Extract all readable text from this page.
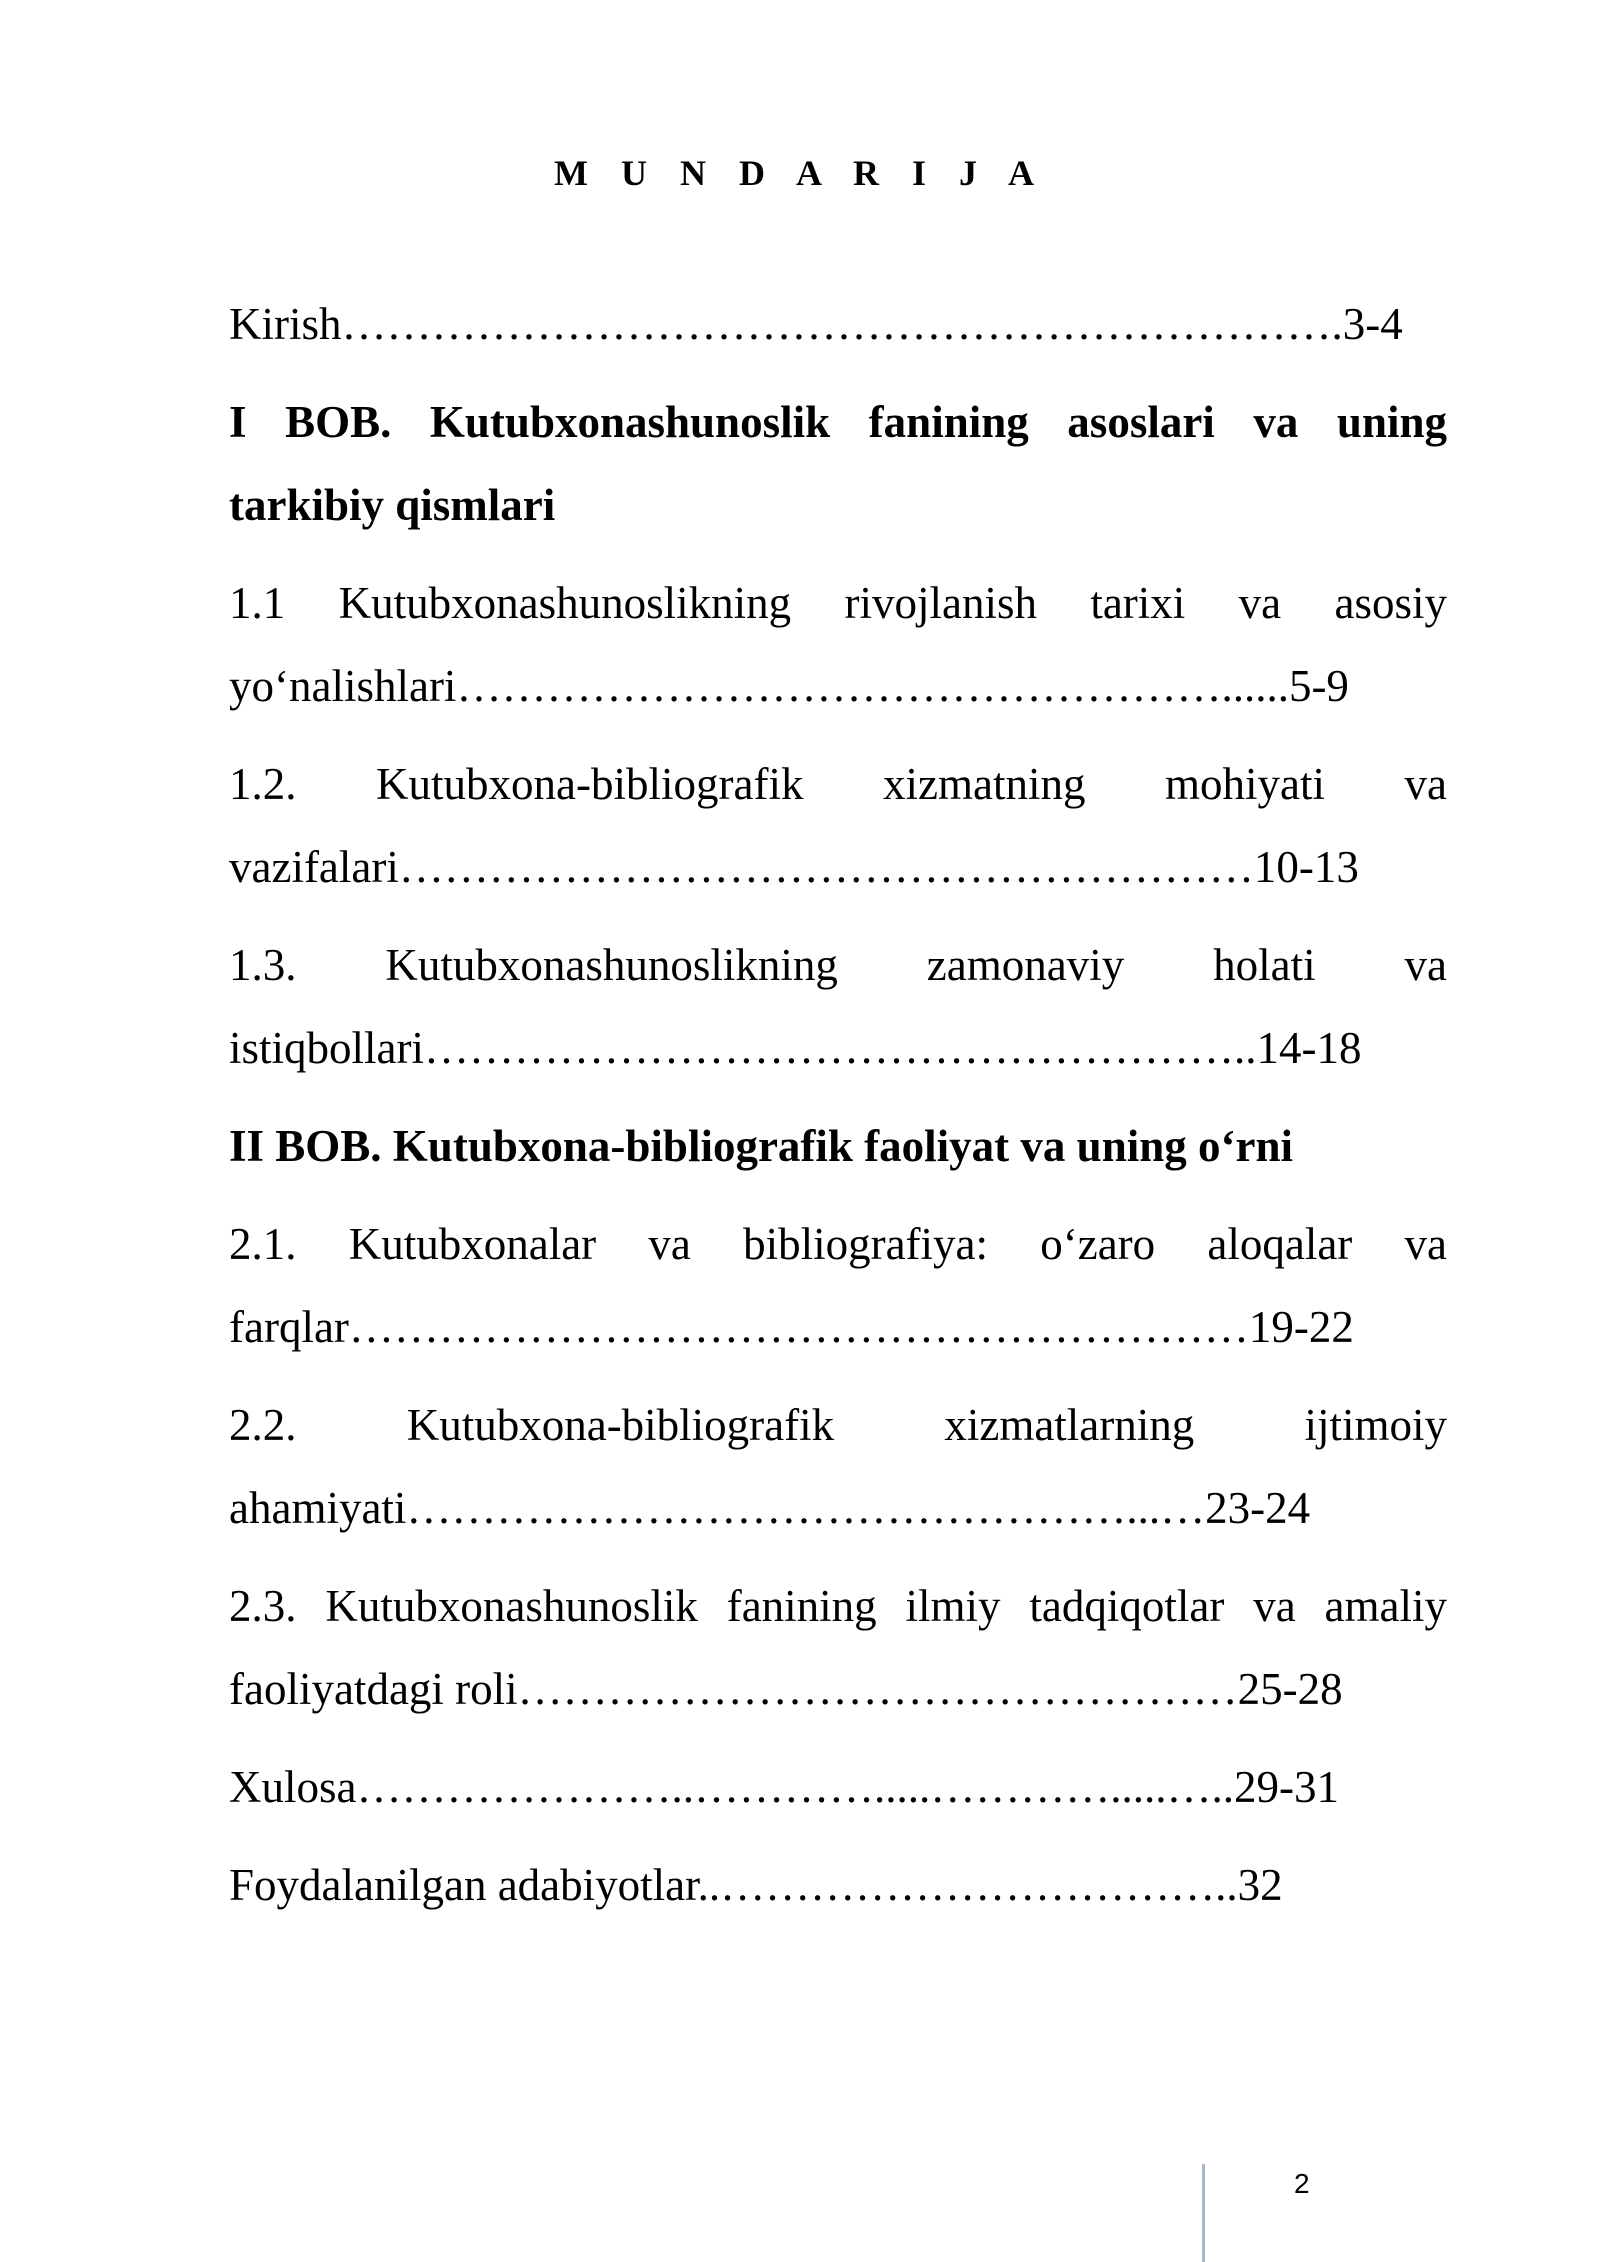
M U N D A R I J A
Kirish………………………………………………………….3-4
I BOB. Kutubxonashunoslik fanining asoslari va uning
tarkibiy qismlari
1.1 Kutubxonashunoslikning rivojlanish tarixi va asosiy
yo‘nalishlari……………………………………………......5-9
1.2. Kutubxona-bibliografik xizmatning mohiyati va
vazifalari…………………………………………………10-13
1.3. Kutubxonashunoslikning zamonaviy holati va
istiqbollari………………………………………………..14-18
II BOB. Kutubxona-bibliografik faoliyat va uning o‘rni
2.1. Kutubxonalar va bibliografiya: o‘zaro aloqalar va
farqlar……………………………………………………19-22
2.2. Kutubxona-bibliografik xizmatlarning ijtimoiy
ahamiyati…………………………………………...…23-24
2.3. Kutubxonashunoslik fanining ilmiy tadqiqotlar va amaliy
faoliyatdagi roli…………………………………………25-28
Xulosa…………………..………….....………….....…..29-31
Foydalanilgan adabiyotlar..……………………………..32
2
